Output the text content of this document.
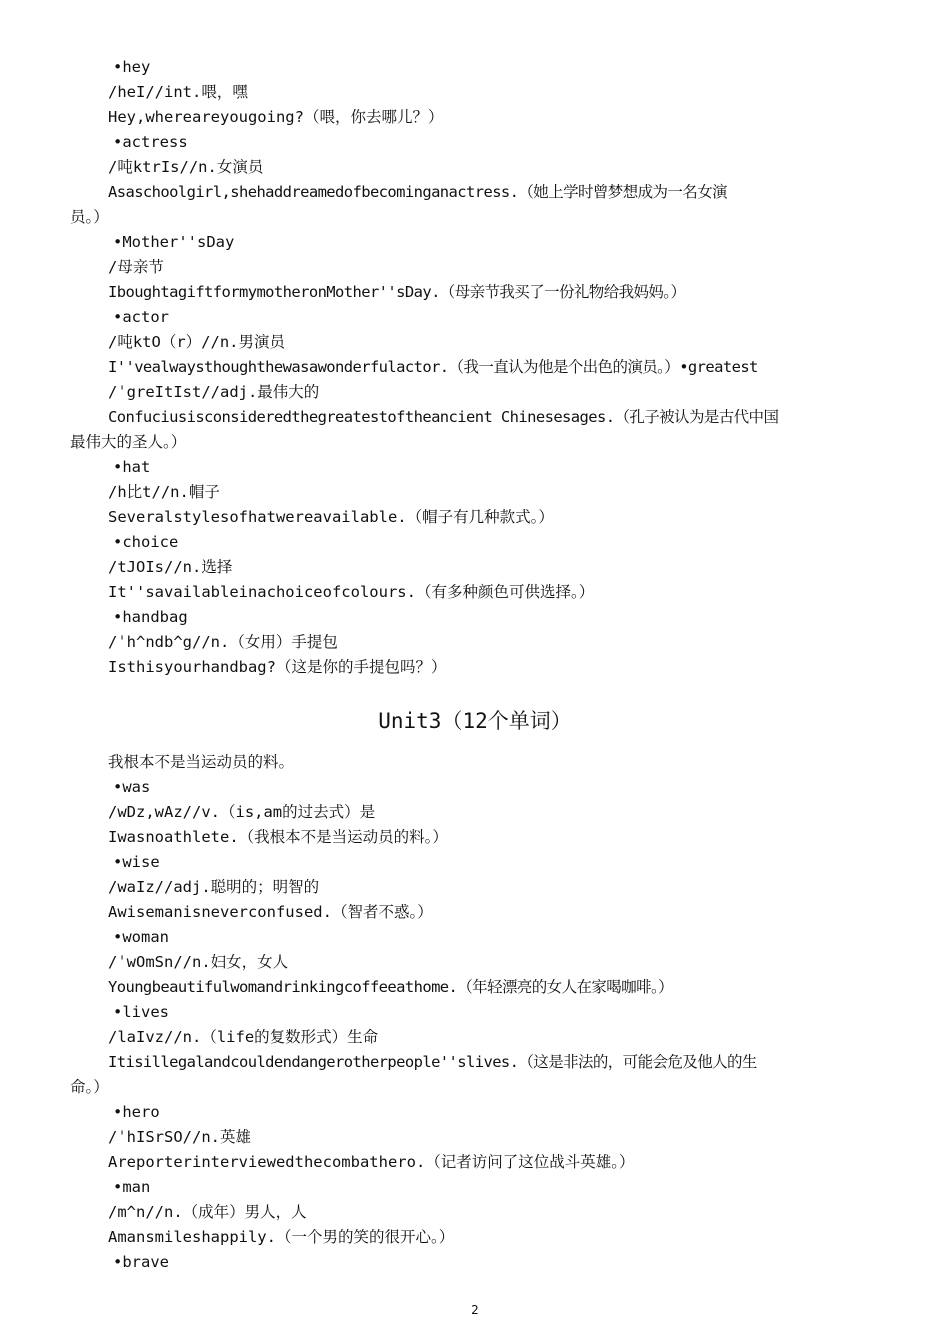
•hey
/heI//int.喂，嘿
Hey,whereareyougoing?（喂，你去哪儿？）
•actress
/吨ktrIs//n.女演员
Asaschoolgirl,shehaddreamedofbecominganactress.（她上学时曾梦想成为一名女演
员。）
•Mother''sDay
/母亲节
IboughtagiftformymotheronMother''sDay.（母亲节我买了一份礼物给我妈妈。）
•actor
/吨ktO（r）//n.男演员
I''vealwaysthoughthewasawonderfulactor.（我一直认为他是个出色的演员。）•greatest
/ˈgreItIst//adj.最伟大的
Confuciusisconsideredthegreatestoftheancient Chinesesages.（孔子被认为是古代中国
最伟大的圣人。）
•hat
/h比t//n.帽子
Severalstylesofhatwereavailable.（帽子有几种款式。）
•choice
/tJOIs//n.选择
It''savailableinachoiceofcolours.（有多种颜色可供选择。）
•handbag
/ˈh^ndb^g//n.（女用）手提包
Isthisyourhandbag?（这是你的手提包吗？）
Unit3（12个单词）
我根本不是当运动员的料。
•was
/wDz,wAz//v.（is,am的过去式）是
Iwasnoathlete.（我根本不是当运动员的料。）
•wise
/waIz//adj.聪明的；明智的
Awisemanisneverconfused.（智者不惑。）
•woman
/ˈwOmSn//n.妇女，女人
Youngbeautifulwomandrinkingcoffeeathome.（年轻漂亮的女人在家喝咖啡。）
•lives
/laIvz//n.（life的复数形式）生命
Itisillegalandcouldendangerotherpeople''slives.（这是非法的，可能会危及他人的生
命。）
•hero
/ˈhISrSO//n.英雄
Areporterinterviewedthecombathero.（记者访问了这位战斗英雄。）
•man
/m^n//n.（成年）男人，人
Amansmileshappily.（一个男的笑的很开心。）
•brave
2
